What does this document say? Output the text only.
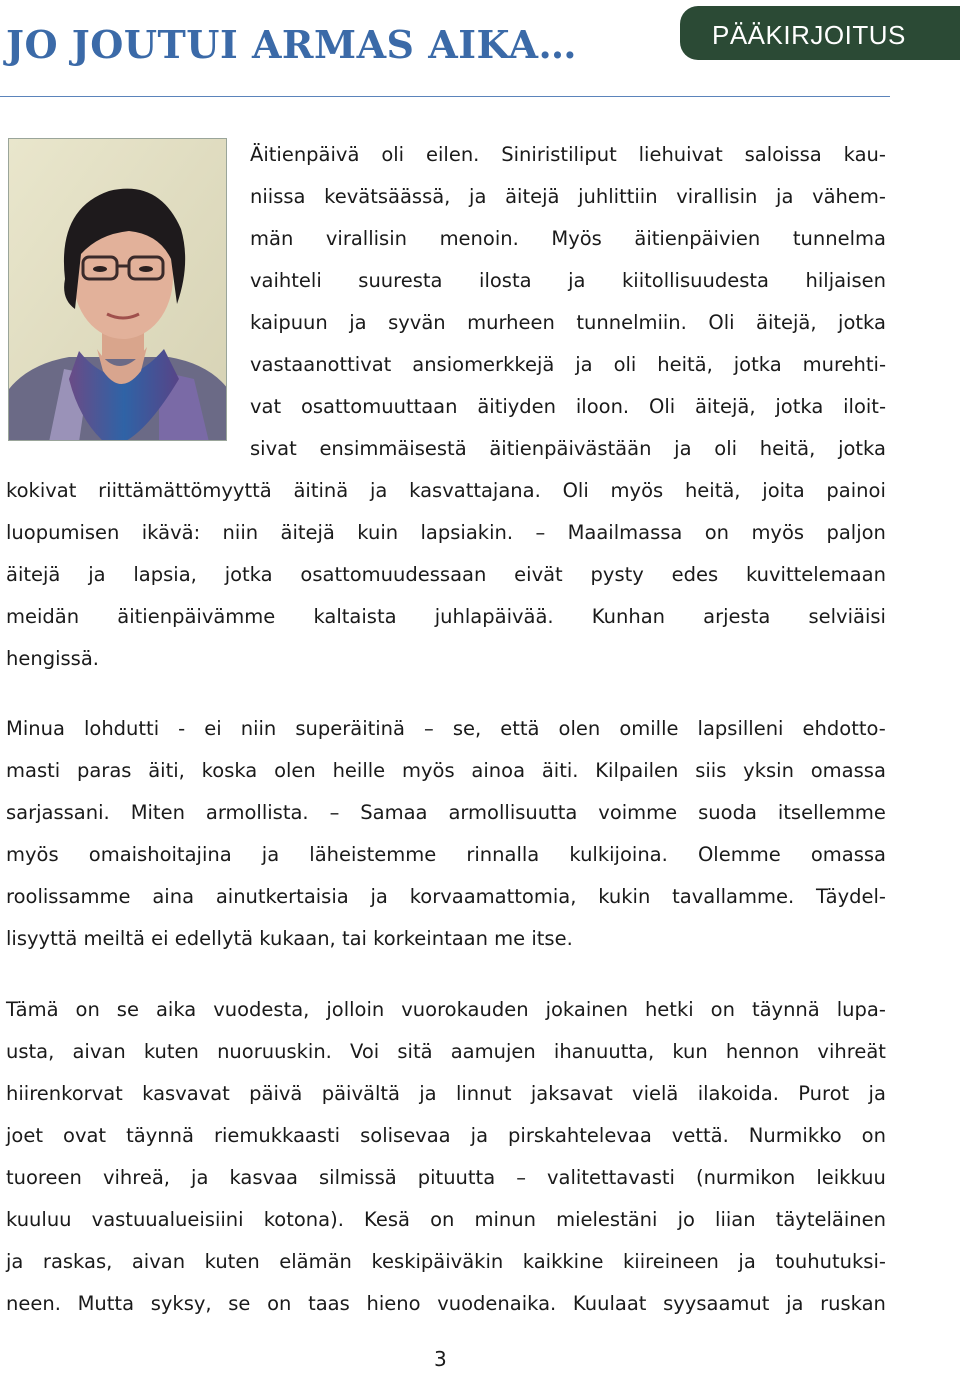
JO JOUTUI ARMAS AIKA…	PÄÄKIRJOITUS
Äitienpäivä oli eilen. Siniristiliput liehuivat saloissa kau-
niissa kevätsäässä, ja äitejä juhlittiin virallisin ja vähem-
män virallisin menoin. Myös äitienpäivien tunnelma
vaihteli suuresta ilosta ja kiitollisuudesta hiljaisen
kaipuun ja syvän murheen tunnelmiin. Oli äitejä, jotka
vastaanottivat ansiomerkkejä ja oli heitä, jotka murehti-
vat osattomuuttaan äitiyden iloon. Oli äitejä, jotka iloit-
sivat ensimmäisestä äitienpäivästään ja oli heitä, jotka
kokivat riittämättömyyttä äitinä ja kasvattajana. Oli myös heitä, joita painoi
luopumisen ikävä: niin äitejä kuin lapsiakin. – Maailmassa on myös paljon
äitejä ja lapsia, jotka osattomuudessaan eivät pysty edes kuvittelemaan
meidän äitienpäivämme kaltaista juhlapäivää. Kunhan arjesta selviäisi
hengissä.
Minua lohdutti - ei niin superäitinä – se, että olen omille lapsilleni ehdotto-
masti paras äiti, koska olen heille myös ainoa äiti. Kilpailen siis yksin omassa
sarjassani. Miten armollista. – Samaa armollisuutta voimme suoda itsellemme
myös omaishoitajina ja läheistemme rinnalla kulkijoina. Olemme omassa
roolissamme aina ainutkertaisia ja korvaamattomia, kukin tavallamme. Täydel-
lisyyttä meiltä ei edellytä kukaan, tai korkeintaan me itse.
Tämä on se aika vuodesta, jolloin vuorokauden jokainen hetki on täynnä lupa-
usta, aivan kuten nuoruuskin. Voi sitä aamujen ihanuutta, kun hennon vihreät
hiirenkorvat kasvavat päivä päivältä ja linnut jaksavat vielä ilakoida. Purot ja
joet ovat täynnä riemukkaasti solisevaa ja pirskahtelevaa vettä. Nurmikko on
tuoreen vihreä, ja kasvaa silmissä pituutta – valitettavasti (nurmikon leikkuu
kuuluu vastuualueisiini kotona). Kesä on minun mielestäni jo liian täyteläinen
ja raskas, aivan kuten elämän keskipäiväkin kaikkine kiireineen ja touhutuksi-
neen. Mutta syksy, se on taas hieno vuodenaika. Kuulaat syysaamut ja ruskan
3
